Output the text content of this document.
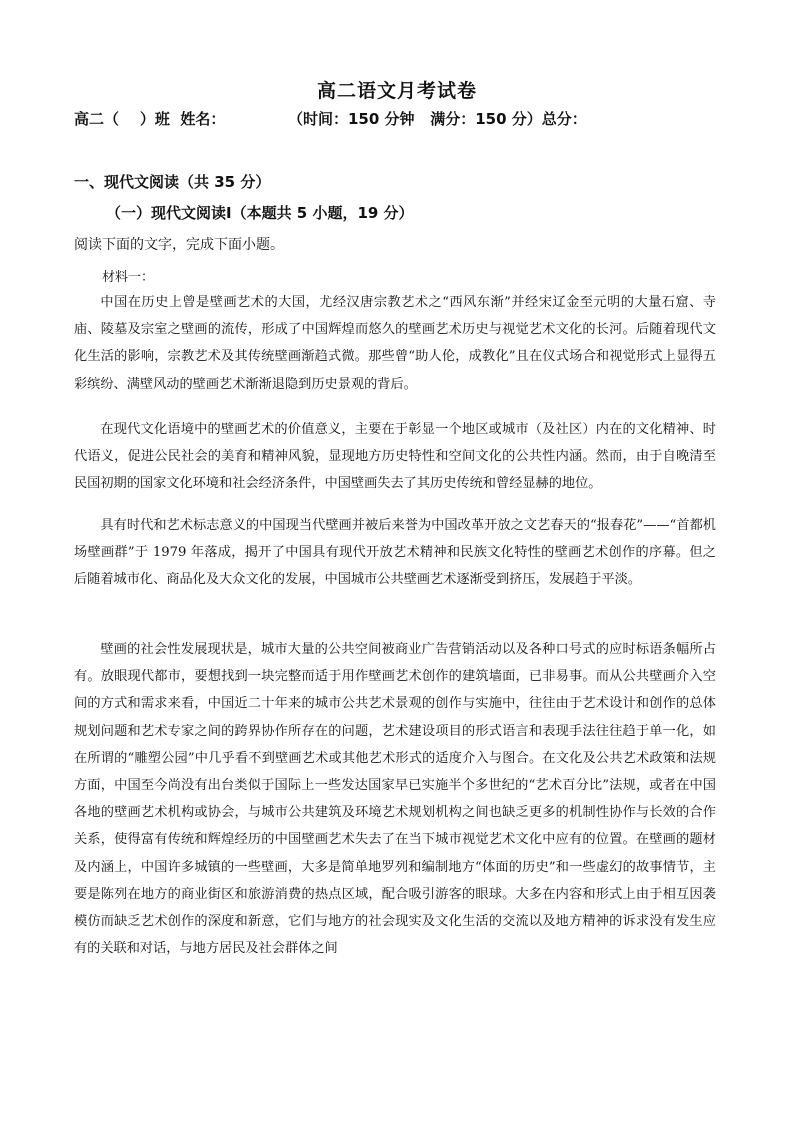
高二语文月考试卷
高二（    ）班  姓名：            （时间：150 分钟   满分：150 分）总分：
一、现代文阅读（共 35 分）
（一）现代文阅读Ⅰ（本题共 5 小题，19 分）
阅读下面的文字，完成下面小题。
材料一：

中国在历史上曾是壁画艺术的大国，尤经汉唐宗教艺术之“西风东渐”并经宋辽金至元明的大量石窟、寺庙、陵墓及宗室之壁画的流传，形成了中国辉煌而悠久的壁画艺术历史与视觉艺术文化的长河。后随着现代文化生活的影响，宗教艺术及其传统壁画渐趋式微。那些曾“助人伦，成教化”且在仪式场合和视觉形式上显得五彩缤纷、满壁风动的壁画艺术渐渐退隐到历史景观的背后。

在现代文化语境中的壁画艺术的价值意义，主要在于彰显一个地区或城市（及社区）内在的文化精神、时代语义，促进公民社会的美育和精神风貌，显现地方历史特性和空间文化的公共性内涵。然而，由于自晚清至民国初期的国家文化环境和社会经济条件，中国壁画失去了其历史传统和曾经显赫的地位。

具有时代和艺术标志意义的中国现当代壁画并被后来誉为中国改革开放之文艺春天的“报春花”——“首都机场壁画群”于 1979 年落成，揭开了中国具有现代开放艺术精神和民族文化特性的壁画艺术创作的序幕。但之后随着城市化、商品化及大众文化的发展，中国城市公共壁画艺术逐渐受到挤压，发展趋于平淡。

壁画的社会性发展现状是，城市大量的公共空间被商业广告营销活动以及各种口号式的应时标语条幅所占有。放眼现代都市，要想找到一块完整而适于用作壁画艺术创作的建筑墙面，已非易事。而从公共壁画介入空间的方式和需求来看，中国近二十年来的城市公共艺术景观的创作与实施中，往往由于艺术设计和创作的总体规划问题和艺术专家之间的跨界协作所存在的问题，艺术建设项目的形式语言和表现手法往往趋于单一化，如在所谓的“雕塑公园”中几乎看不到壁画艺术或其他艺术形式的适度介入与图合。在文化及公共艺术政策和法规方面，中国至今尚没有出台类似于国际上一些发达国家早已实施半个多世纪的“艺术百分比”法规，或者在中国各地的壁画艺术机构或协会，与城市公共建筑及环境艺术规划机构之间也缺乏更多的机制性协作与长效的合作关系，使得富有传统和辉煌经历的中国壁画艺术失去了在当下城市视觉艺术文化中应有的位置。在壁画的题材及内涵上，中国许多城镇的一些壁画，大多是简单地罗列和编制地方“体面的历史”和一些虚幻的故事情节，主要是陈列在地方的商业街区和旅游消费的热点区域，配合吸引游客的眼球。大多在内容和形式上由于相互因袭模仿而缺乏艺术创作的深度和新意，它们与地方的社会现实及文化生活的交流以及地方精神的诉求没有发生应有的关联和对话，与地方居民及社会群体之间
